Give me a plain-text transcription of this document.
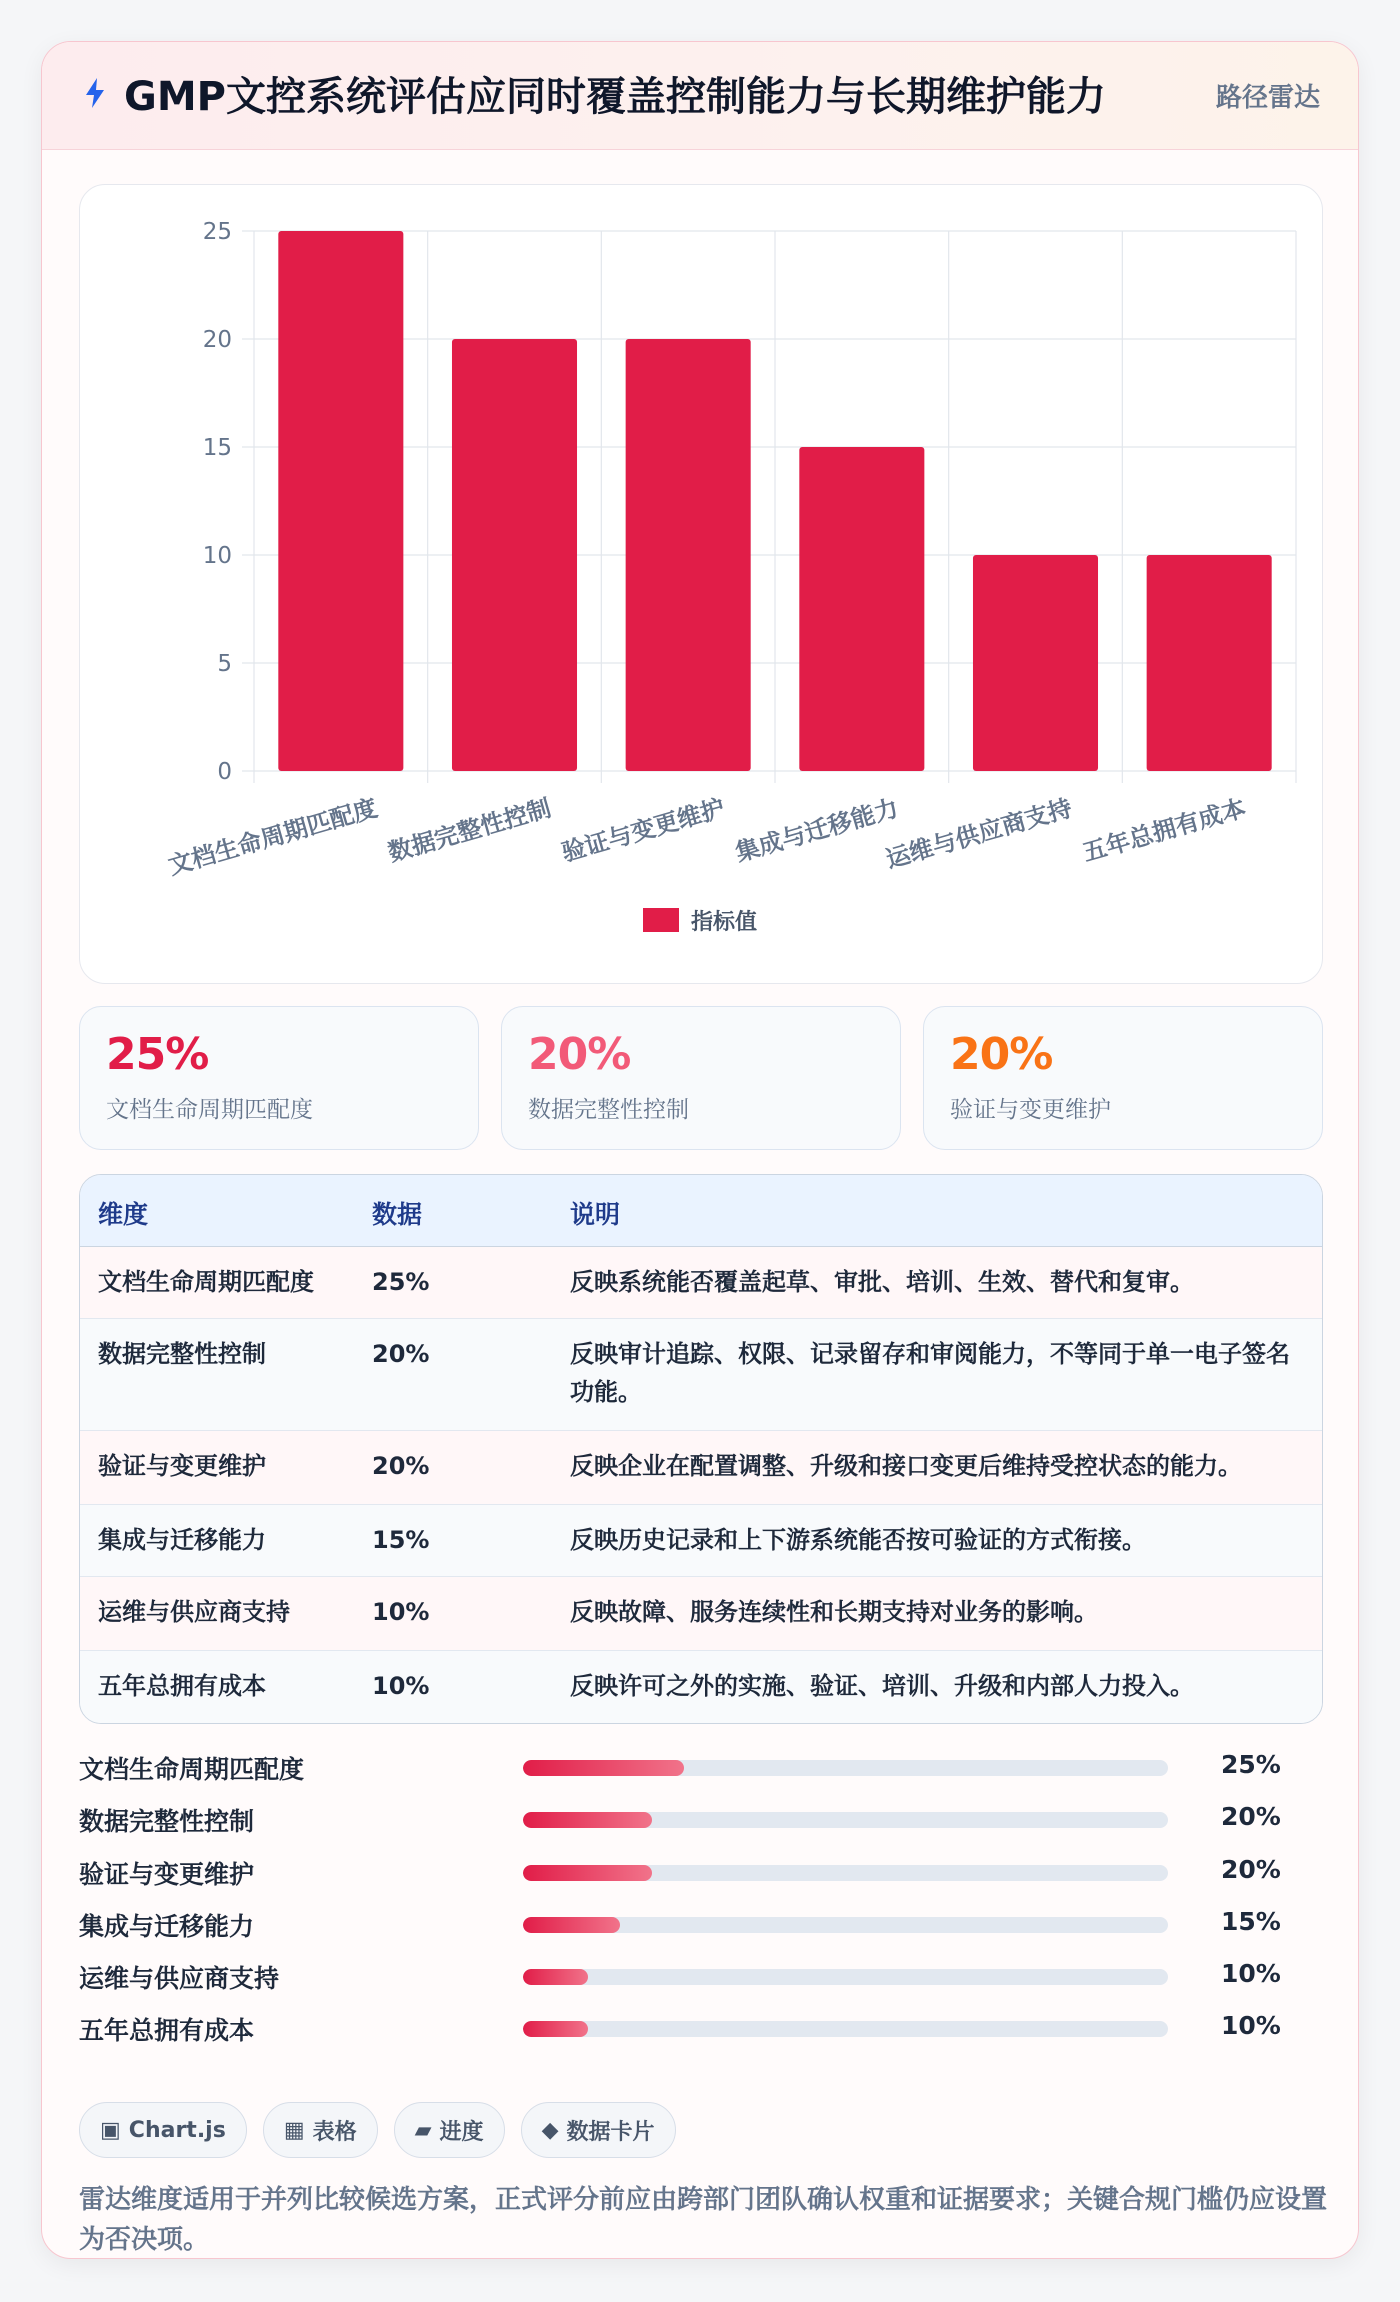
GMP文控系统评估应同时覆盖控制能力与长期维护能力	路径雷达
0
5
10
15
20
25
文档生命周期匹配度 数据完整性控制 验证与变更维护 集成与迁移能力
运维与供应商支持 五年总拥有成本
指标值
25%
文档生命周期匹配度
20%
数据完整性控制
20%
验证与变更维护
维度	数据	说明
文档生命周期匹配度 25%	反映系统能否覆盖起草、审批、培训、生效、替代和复审。
数据完整性控制	20%	反映审计追踪、权限、记录留存和审阅能力，不等同于单一电子签名功能。
验证与变更维护	20%	反映企业在配置调整、升级和接口变更后维持受控状态的能力。
集成与迁移能力	15%	反映历史记录和上下游系统能否按可验证的方式衔接。
运维与供应商支持	10%	反映故障、服务连续性和长期支持对业务的影响。
五年总拥有成本	10%	反映许可之外的实施、验证、培训、升级和内部人力投入。
文档生命周期匹配度	25%
数据完整性控制	20%
验证与变更维护	20%
集成与迁移能力	15%
运维与供应商支持	10%
五年总拥有成本	10%
▣ Chart.js	▦ 表格	▰ 进度	◆ 数据卡片
雷达维度适用于并列比较候选方案，正式评分前应由跨部门团队确认权重和证据要求；关键合规门槛仍应设置为否决项。
